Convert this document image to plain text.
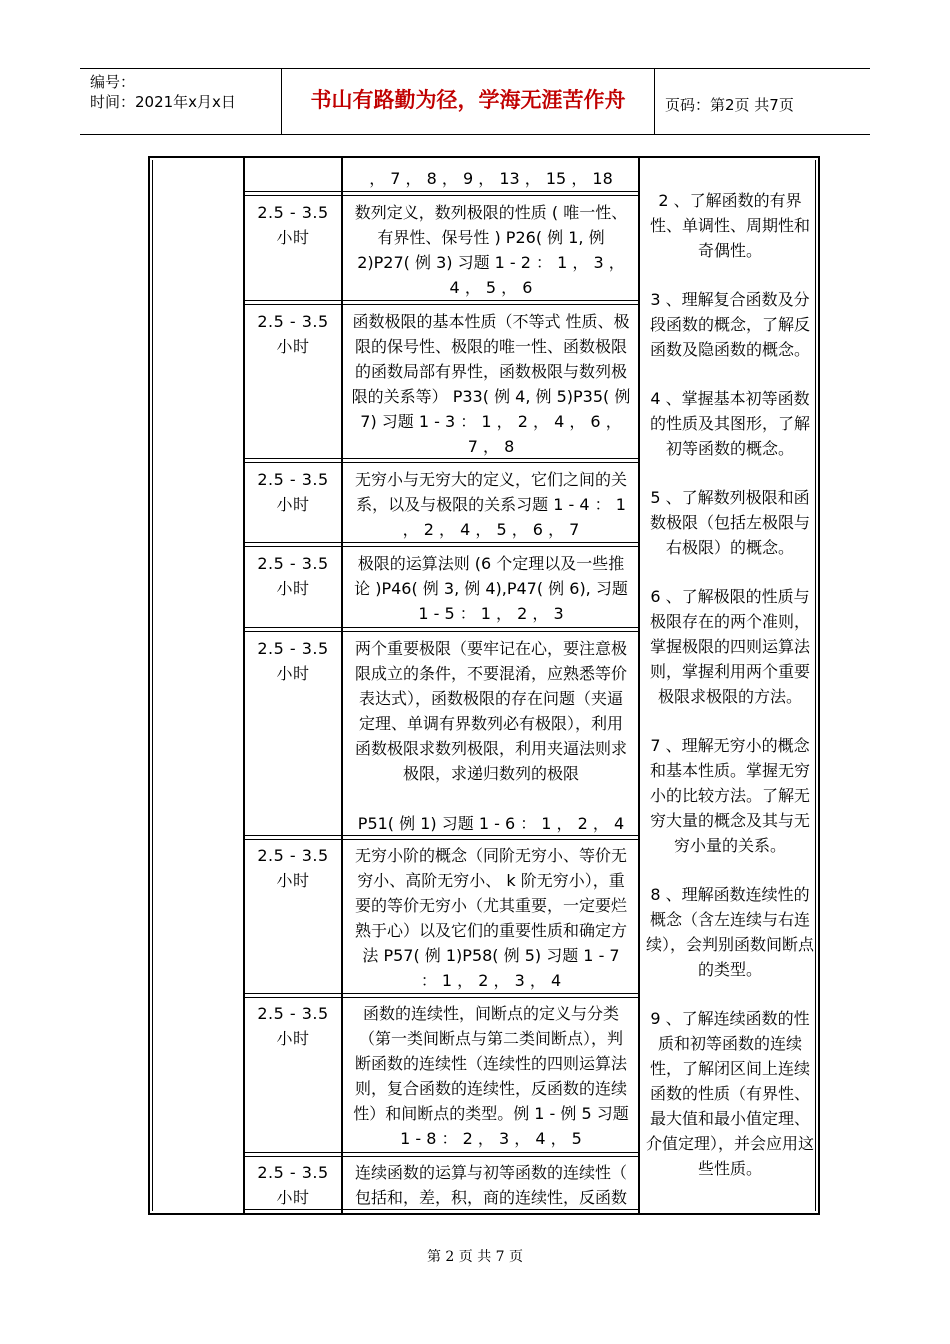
编号：
时间：2021年x月x日	书山有路勤为径，学海无涯苦作舟	页码：第2页 共7页
， 7 ， 8 ， 9 ， 13 ， 15 ， 18
2.5 - 3.5 小时
数列定义，数列极限的性质 ( 唯一性、
有界性、保号性 ) P26( 例 1, 例
2)P27( 例 3) 习题 1 - 2 ： 1 ， 3 ，
4 ， 5 ， 6
2.5 - 3.5 小时
函数极限的基本性质（不等式 性质、极
限的保号性、极限的唯一性、函数极限
的函数局部有界性，函数极限与数列极
限的关系等） P33( 例 4, 例 5)P35( 例
7) 习题 1 - 3 ： 1 ， 2 ， 4 ， 6 ，
7 ， 8
2.5 - 3.5 小时
无穷小与无穷大的定义，它们之间的关
系，以及与极限的关系习题 1 - 4 ： 1
， 2 ， 4 ， 5 ， 6 ， 7
2.5 - 3.5 小时
极限的运算法则 (6 个定理以及一些推
论 )P46( 例 3, 例 4),P47( 例 6), 习题
1 - 5 ： 1 ， 2 ， 3
2.5 - 3.5 小时
两个重要极限（要牢记在心，要注意极
限成立的条件，不要混淆，应熟悉等价
表达式），函数极限的存在问题（夹逼
定理、单调有界数列必有极限），利用
函数极限求数列极限，利用夹逼法则求
极限，求递归数列的极限

P51( 例 1) 习题 1 - 6 ： 1 ， 2 ， 4
2.5 - 3.5 小时
无穷小阶的概念（同阶无穷小、等价无
穷小、高阶无穷小、 k 阶无穷小），重
要的等价无穷小（尤其重要，一定要烂
熟于心）以及它们的重要性质和确定方
法 P57( 例 1)P58( 例 5) 习题 1 - 7
： 1 ， 2 ， 3 ， 4
2.5 - 3.5 小时
函数的连续性，间断点的定义与分类
（第一类间断点与第二类间断点），判
断函数的连续性（连续性的四则运算法
则，复合函数的连续性，反函数的连续
性）和间断点的类型。例 1 - 例 5 习题
1 - 8 ： 2 ， 3 ， 4 ， 5
2.5 - 3.5 小时
连续函数的运算与初等函数的连续性（
包括和，差，积，商的连续性，反函数
2 、了解函数的有界性、单调性、周期性和奇偶性。
3 、理解复合函数及分段函数的概念，了解反函数及隐函数的概念。
4 、掌握基本初等函数的性质及其图形，了解初等函数的概念。
5 、了解数列极限和函数极限（包括左极限与右极限）的概念。
6 、了解极限的性质与极限存在的两个准则，掌握极限的四则运算法则，掌握利用两个重要极限求极限的方法。
7 、理解无穷小的概念和基本性质。掌握无穷小的比较方法。了解无穷大量的概念及其与无穷小量的关系。
8 、理解函数连续性的概念（含左连续与右连续），会判别函数间断点的类型。
9 、了解连续函数的性质和初等函数的连续性，了解闭区间上连续函数的性质（有界性、最大值和最小值定理、介值定理），并会应用这些性质。
第 2 页 共 7 页
